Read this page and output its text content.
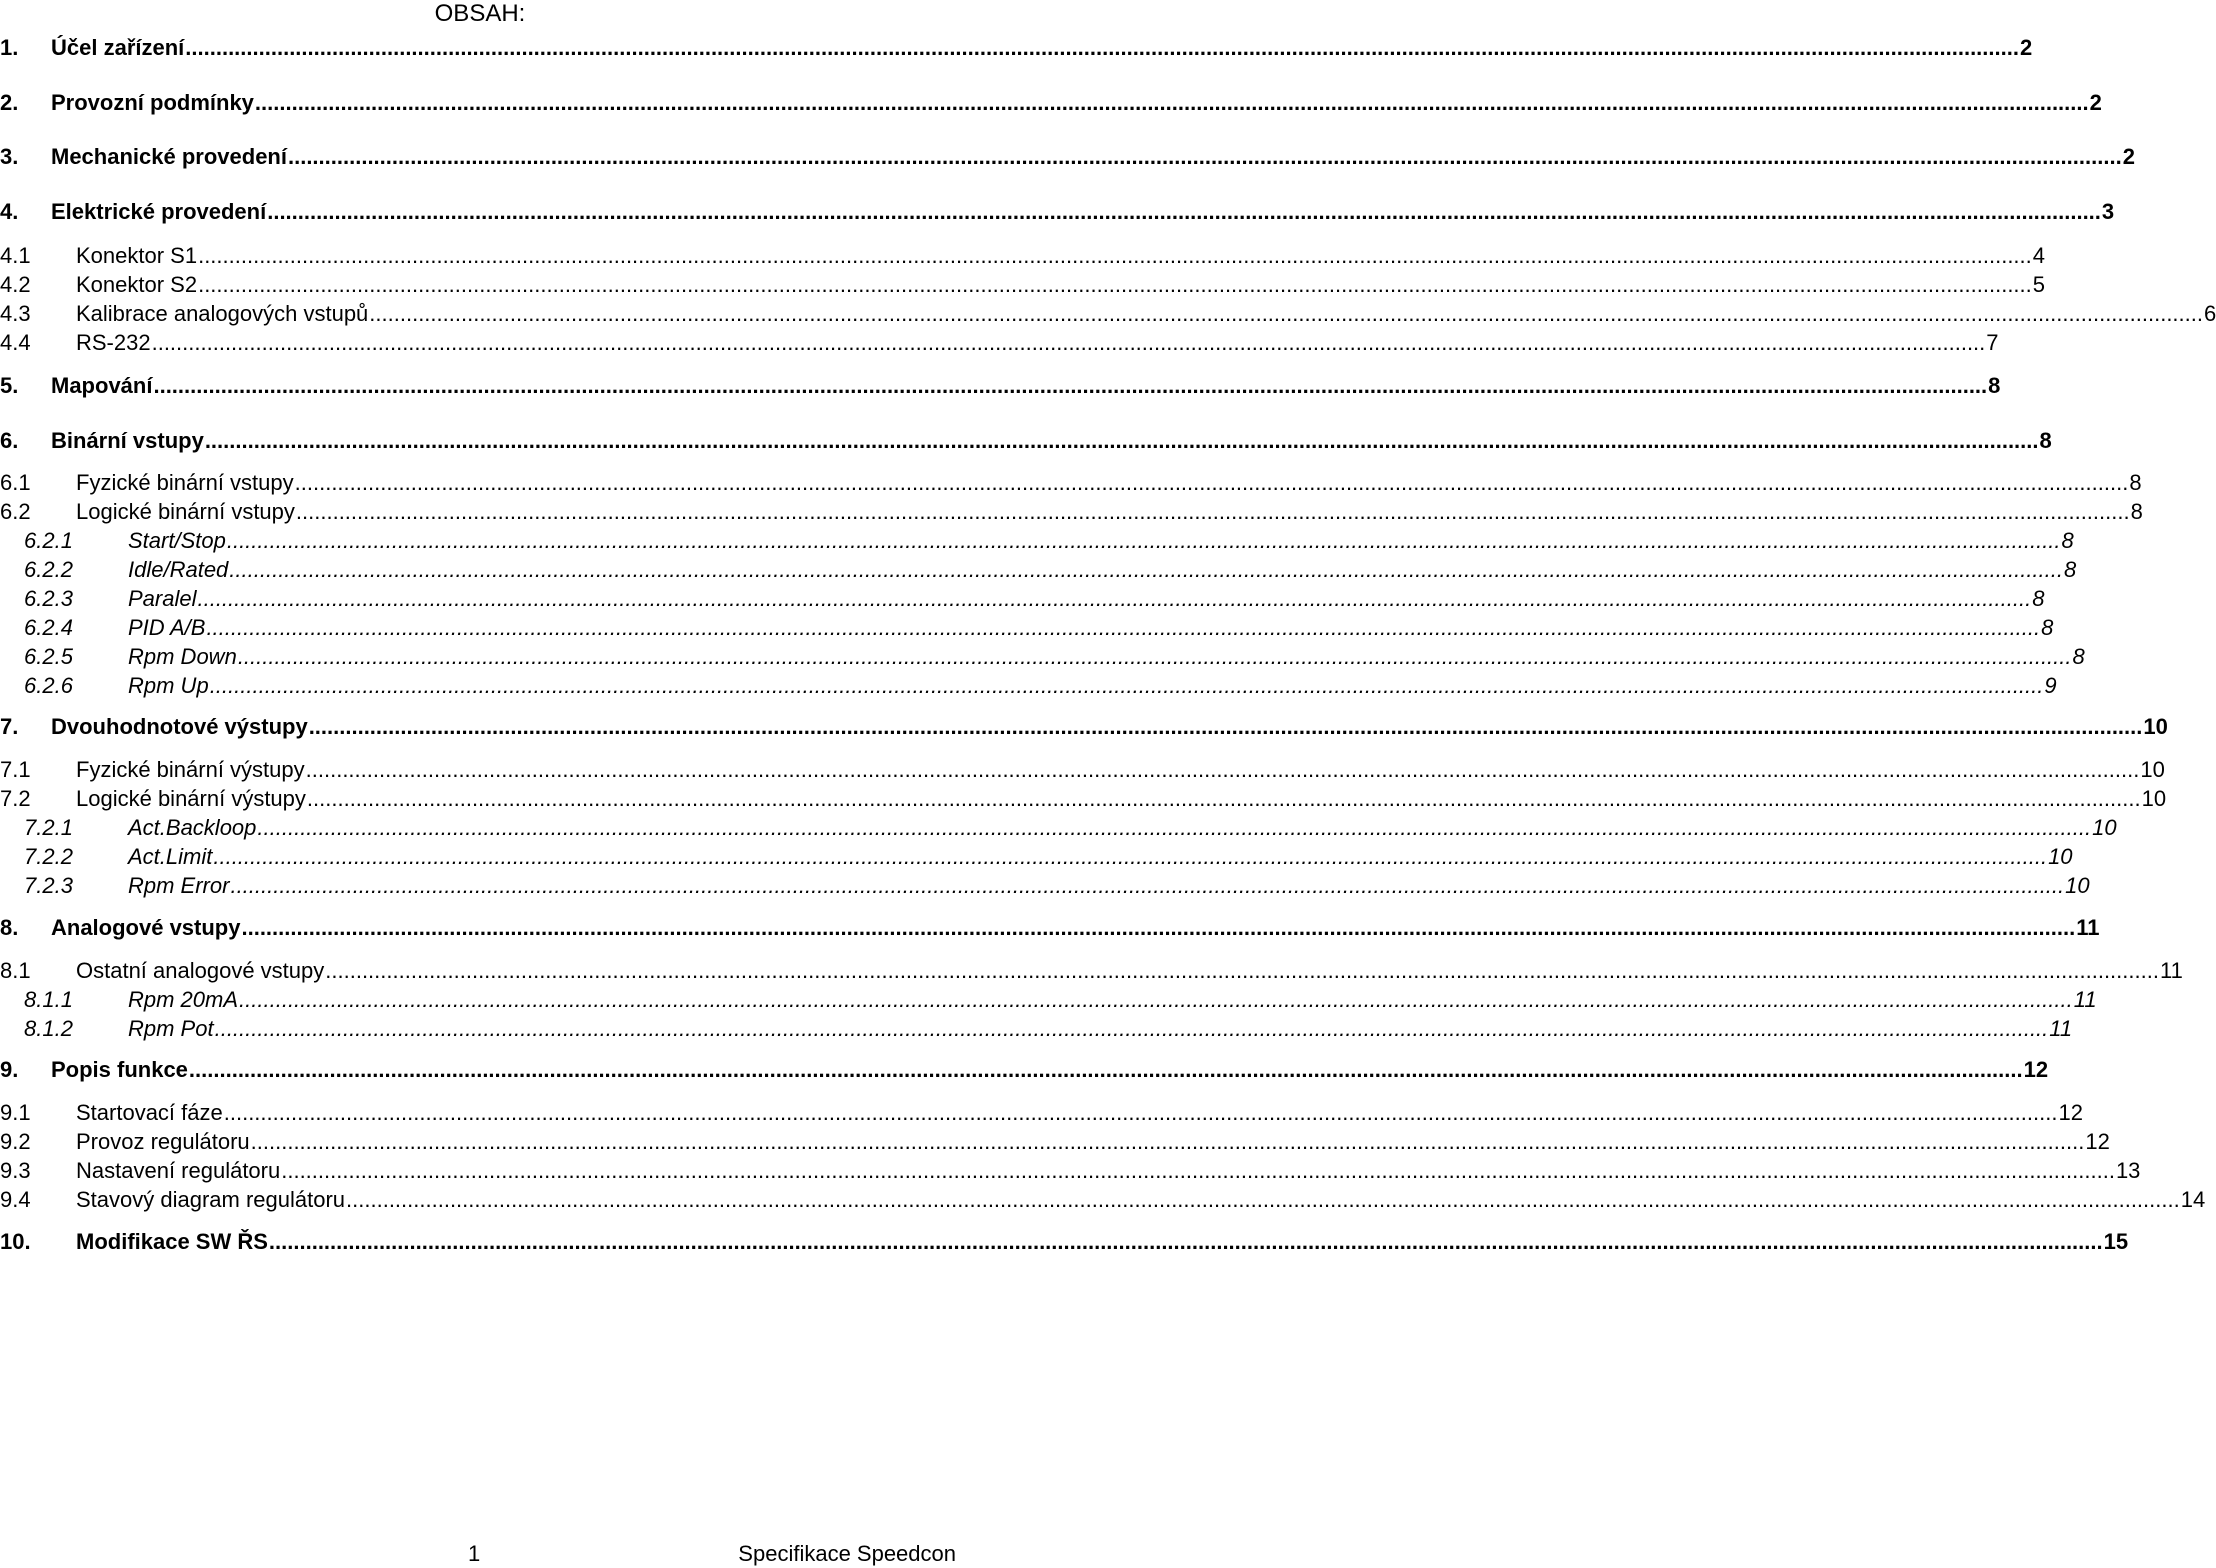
OBSAH:
1.	Účel zařízení ............................................................................................................................................................................................................................................................................................................ 2
2.	Provozní podmínky ............................................................................................................................................................................................................................................................................................................ 2
3.	Mechanické provedení ............................................................................................................................................................................................................................................................................................................ 2
4.	Elektrické provedení ............................................................................................................................................................................................................................................................................................................ 3
4.1	Konektor S1 ............................................................................................................................................................................................................................................................................................................ 4
4.2	Konektor S2 ............................................................................................................................................................................................................................................................................................................ 5
4.3	Kalibrace analogových vstupů ............................................................................................................................................................................................................................................................................................................ 6
4.4	RS-232 ............................................................................................................................................................................................................................................................................................................ 7
5.	Mapování ............................................................................................................................................................................................................................................................................................................ 8
6.	Binární vstupy ............................................................................................................................................................................................................................................................................................................ 8
6.1	Fyzické binární vstupy ............................................................................................................................................................................................................................................................................................................ 8
6.2	Logické binární vstupy ............................................................................................................................................................................................................................................................................................................ 8
6.2.1	Start/Stop ............................................................................................................................................................................................................................................................................................................ 8
6.2.2	Idle/Rated ............................................................................................................................................................................................................................................................................................................ 8
6.2.3	Paralel ............................................................................................................................................................................................................................................................................................................ 8
6.2.4	PID A/B ............................................................................................................................................................................................................................................................................................................ 8
6.2.5	Rpm Down ............................................................................................................................................................................................................................................................................................................ 8
6.2.6	Rpm Up ............................................................................................................................................................................................................................................................................................................ 9
7.	Dvouhodnotové výstupy ............................................................................................................................................................................................................................................................................................................ 10
7.1	Fyzické binární výstupy ............................................................................................................................................................................................................................................................................................................ 10
7.2	Logické binární výstupy ............................................................................................................................................................................................................................................................................................................ 10
7.2.1	Act.Backloop ............................................................................................................................................................................................................................................................................................................ 10
7.2.2	Act.Limit ............................................................................................................................................................................................................................................................................................................ 10
7.2.3	Rpm Error ............................................................................................................................................................................................................................................................................................................ 10
8.	Analogové vstupy ............................................................................................................................................................................................................................................................................................................ 11
8.1	Ostatní analogové vstupy ............................................................................................................................................................................................................................................................................................................ 11
8.1.1	Rpm 20mA ............................................................................................................................................................................................................................................................................................................ 11
8.1.2	Rpm Pot ............................................................................................................................................................................................................................................................................................................ 11
9.	Popis funkce ............................................................................................................................................................................................................................................................................................................ 12
9.1	Startovací fáze ............................................................................................................................................................................................................................................................................................................ 12
9.2	Provoz regulátoru ............................................................................................................................................................................................................................................................................................................ 12
9.3	Nastavení regulátoru ............................................................................................................................................................................................................................................................................................................ 13
9.4	Stavový diagram regulátoru ............................................................................................................................................................................................................................................................................................................ 14
10.	Modifikace SW ŘS ............................................................................................................................................................................................................................................................................................................ 15
1	Specifikace Speedcon
